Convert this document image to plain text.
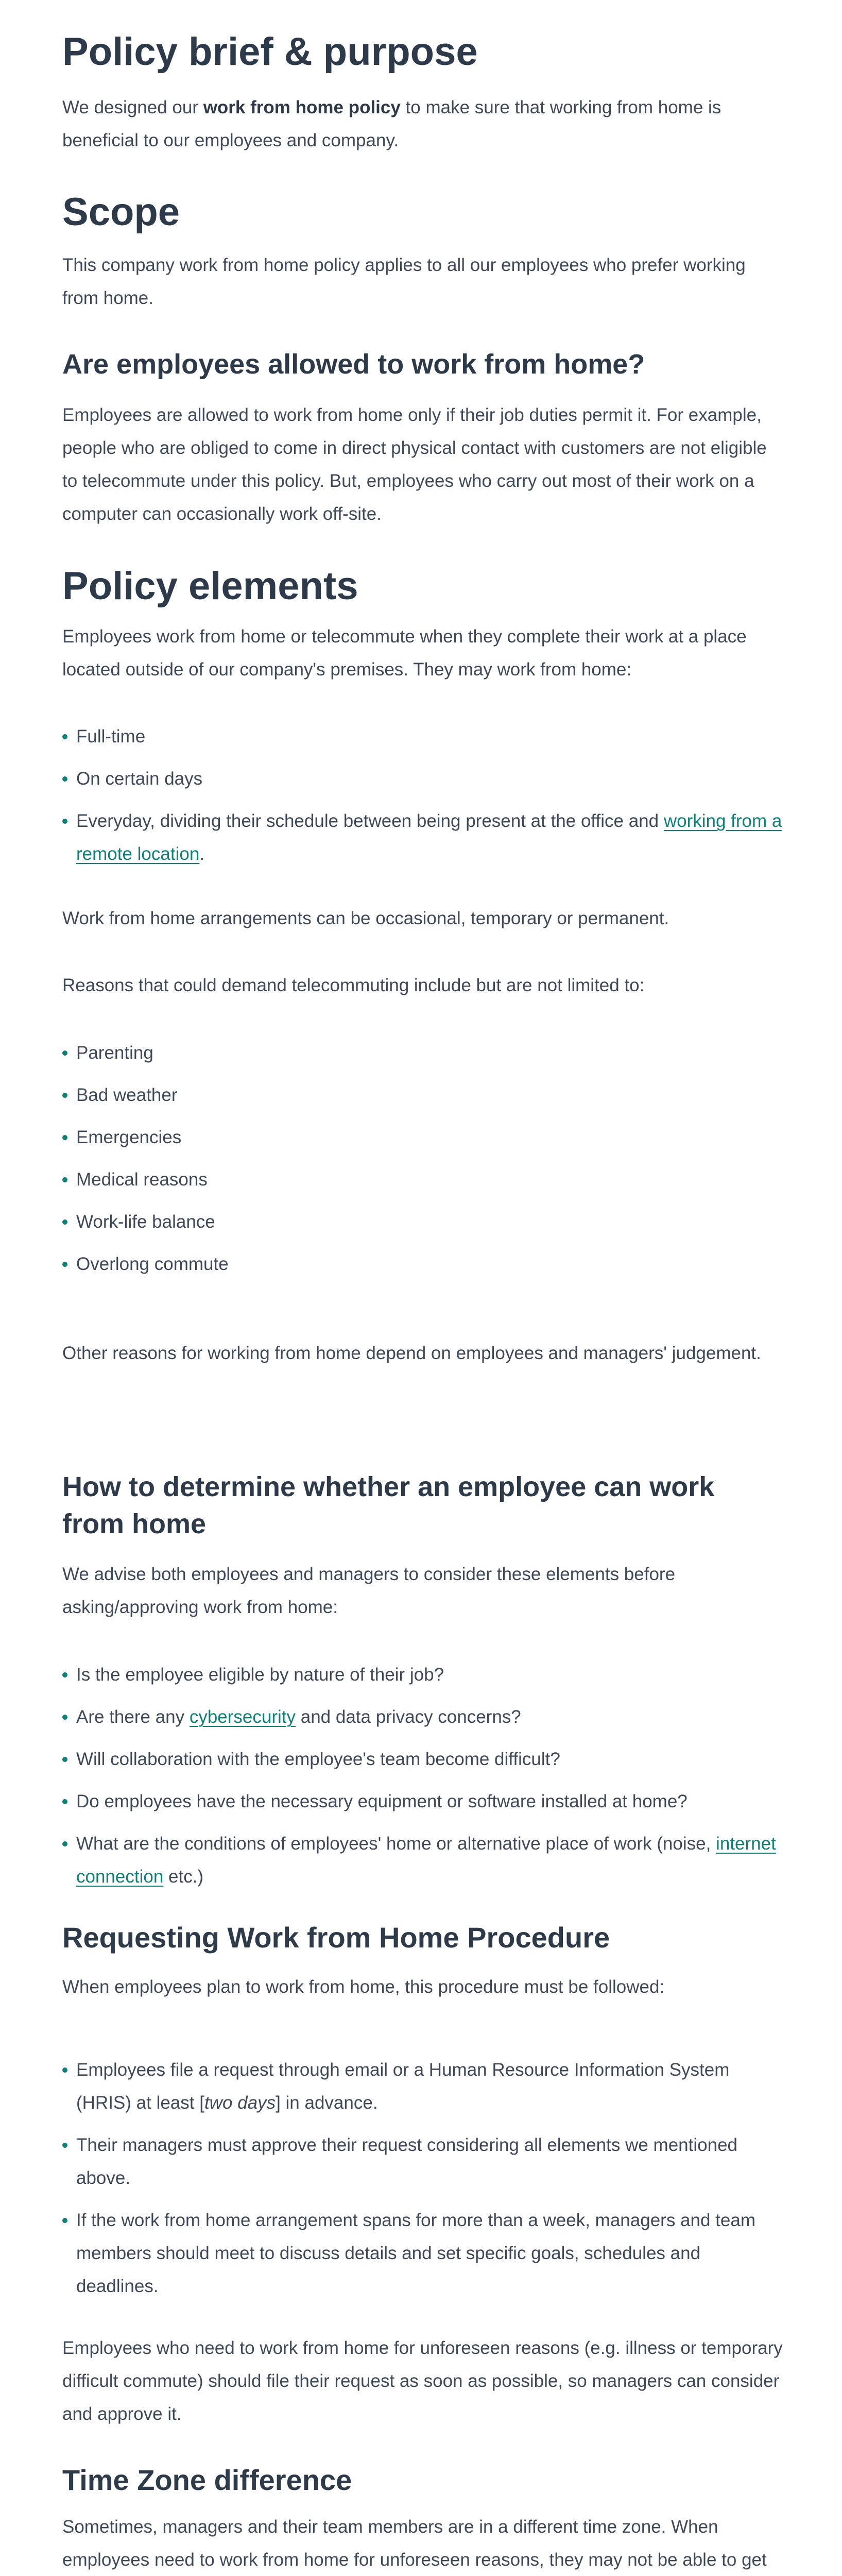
Policy brief & purpose

We designed our work from home policy to make sure that working from home is beneficial to our employees and company.

Scope

This company work from home policy applies to all our employees who prefer working from home.

Are employees allowed to work from home?

Employees are allowed to work from home only if their job duties permit it. For example, people who are obliged to come in direct physical contact with customers are not eligible to telecommute under this policy. But, employees who carry out most of their work on a computer can occasionally work off-site.

Policy elements

Employees work from home or telecommute when they complete their work at a place located outside of our company's premises. They may work from home:

Full-time
On certain days
Everyday, dividing their schedule between being present at the office and working from a remote location.

Work from home arrangements can be occasional, temporary or permanent.

Reasons that could demand telecommuting include but are not limited to:

Parenting
Bad weather
Emergencies
Medical reasons
Work-life balance
Overlong commute

Other reasons for working from home depend on employees and managers' judgement.

How to determine whether an employee can work from home

We advise both employees and managers to consider these elements before asking/approving work from home:

Is the employee eligible by nature of their job?
Are there any cybersecurity and data privacy concerns?
Will collaboration with the employee's team become difficult?
Do employees have the necessary equipment or software installed at home?
What are the conditions of employees' home or alternative place of work (noise, internet connection etc.)
Requesting Work from Home Procedure

When employees plan to work from home, this procedure must be followed:

Employees file a request through email or a Human Resource Information System (HRIS) at least [two days] in advance.
Their managers must approve their request considering all elements we mentioned above.
If the work from home arrangement spans for more than a week, managers and team members should meet to discuss details and set specific goals, schedules and deadlines.

Employees who need to work from home for unforeseen reasons (e.g. illness or temporary difficult commute) should file their request as soon as possible, so managers can consider and approve it.

Time Zone difference

Sometimes, managers and their team members are in a different time zone. When employees need to work from home for unforeseen reasons, they may not be able to get
